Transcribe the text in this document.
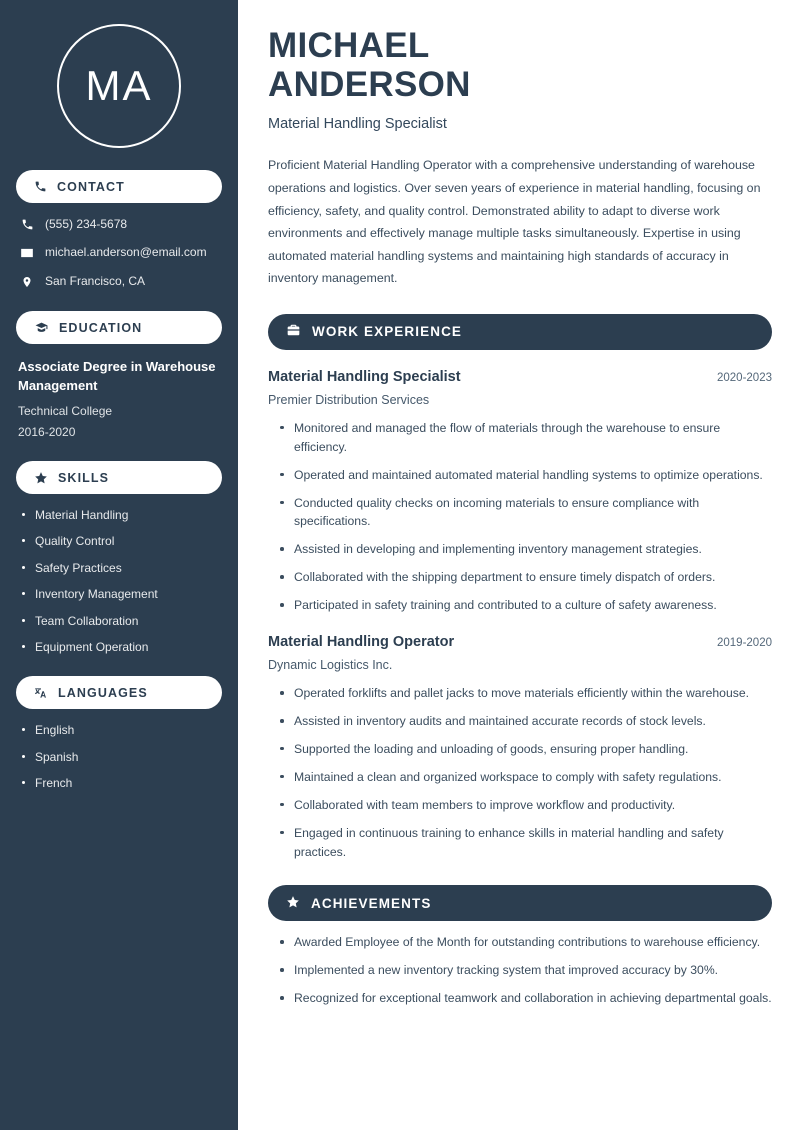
MA
CONTACT
(555) 234-5678
michael.anderson@email.com
San Francisco, CA
EDUCATION
Associate Degree in Warehouse Management
Technical College
2016-2020
SKILLS
Material Handling
Quality Control
Safety Practices
Inventory Management
Team Collaboration
Equipment Operation
LANGUAGES
English
Spanish
French
MICHAEL
ANDERSON
Material Handling Specialist
Proficient Material Handling Operator with a comprehensive understanding of warehouse operations and logistics. Over seven years of experience in material handling, focusing on efficiency, safety, and quality control. Demonstrated ability to adapt to diverse work environments and effectively manage multiple tasks simultaneously. Expertise in using automated material handling systems and maintaining high standards of accuracy in inventory management.
WORK EXPERIENCE
Material Handling Specialist	2020-2023
Premier Distribution Services
Monitored and managed the flow of materials through the warehouse to ensure efficiency.
Operated and maintained automated material handling systems to optimize operations.
Conducted quality checks on incoming materials to ensure compliance with specifications.
Assisted in developing and implementing inventory management strategies.
Collaborated with the shipping department to ensure timely dispatch of orders.
Participated in safety training and contributed to a culture of safety awareness.
Material Handling Operator	2019-2020
Dynamic Logistics Inc.
Operated forklifts and pallet jacks to move materials efficiently within the warehouse.
Assisted in inventory audits and maintained accurate records of stock levels.
Supported the loading and unloading of goods, ensuring proper handling.
Maintained a clean and organized workspace to comply with safety regulations.
Collaborated with team members to improve workflow and productivity.
Engaged in continuous training to enhance skills in material handling and safety practices.
ACHIEVEMENTS
Awarded Employee of the Month for outstanding contributions to warehouse efficiency.
Implemented a new inventory tracking system that improved accuracy by 30%.
Recognized for exceptional teamwork and collaboration in achieving departmental goals.
